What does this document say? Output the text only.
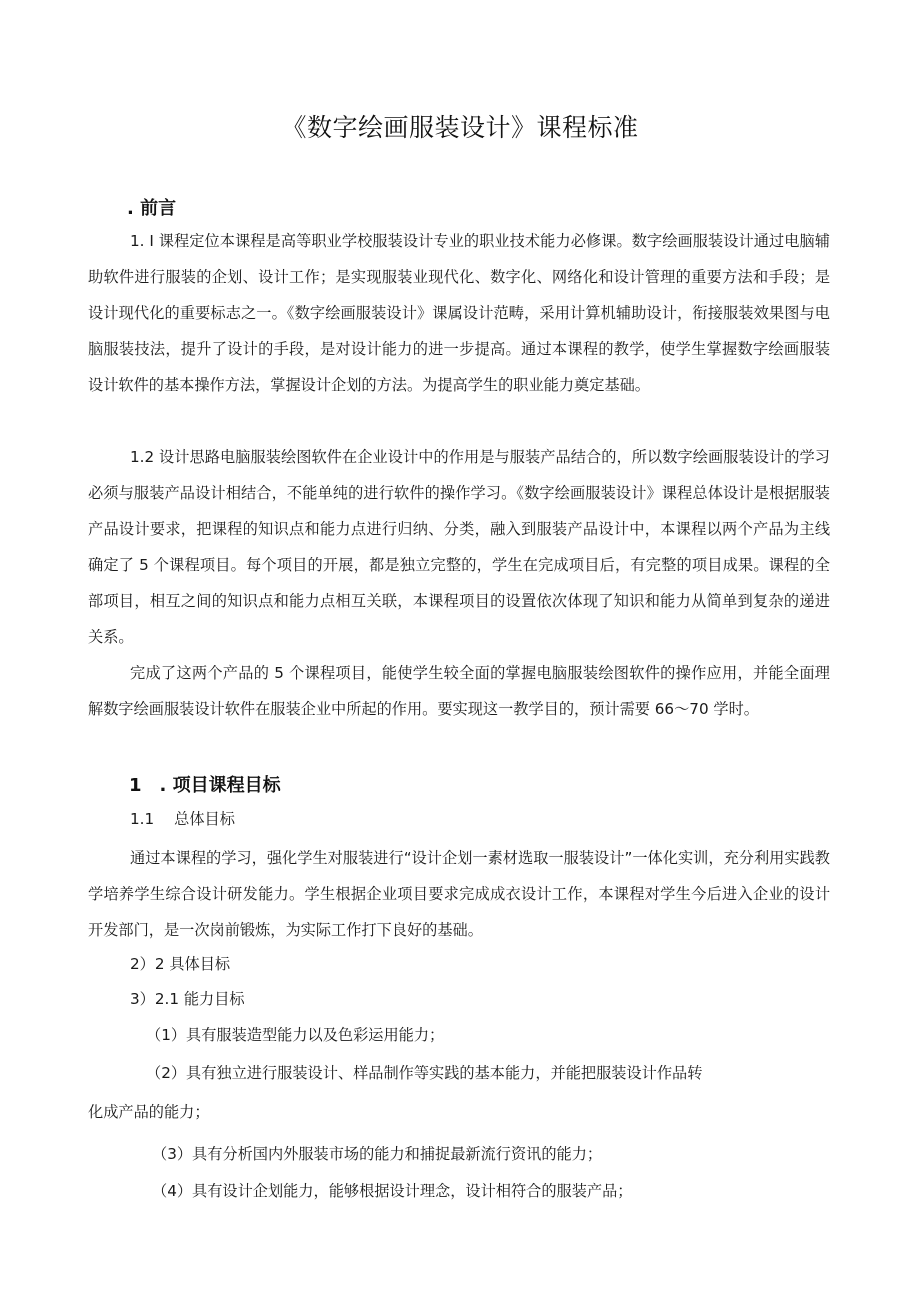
《数字绘画服装设计》课程标准
. 前言

1. I 课程定位本课程是高等职业学校服装设计专业的职业技术能力必修课。数字绘画服装设计通过电脑辅助软件进行服装的企划、设计工作；是实现服装业现代化、数字化、网络化和设计管理的重要方法和手段；是设计现代化的重要标志之一。《数字绘画服装设计》课属设计范畴，采用计算机辅助设计，衔接服装效果图与电脑服装技法，提升了设计的手段，是对设计能力的进一步提高。通过本课程的教学，使学生掌握数字绘画服装设计软件的基本操作方法，掌握设计企划的方法。为提高学生的职业能力奠定基础。

1.2 设计思路电脑服装绘图软件在企业设计中的作用是与服装产品结合的，所以数字绘画服装设计的学习必须与服装产品设计相结合，不能单纯的进行软件的操作学习。《数字绘画服装设计》课程总体设计是根据服装产品设计要求，把课程的知识点和能力点进行归纳、分类，融入到服装产品设计中，本课程以两个产品为主线确定了 5 个课程项目。每个项目的开展，都是独立完整的，学生在完成项目后，有完整的项目成果。课程的全部项目，相互之间的知识点和能力点相互关联，本课程项目的设置依次体现了知识和能力从简单到复杂的递进关系。

完成了这两个产品的 5 个课程项目，能使学生较全面的掌握电脑服装绘图软件的操作应用，并能全面理解数字绘画服装设计软件在服装企业中所起的作用。要实现这一教学目的，预计需要 66～70 学时。

1　. 项目课程目标

1.1　 总体目标

通过本课程的学习，强化学生对服装进行“设计企划一素材选取一服装设计”一体化实训，充分利用实践教学培养学生综合设计研发能力。学生根据企业项目要求完成成衣设计工作，本课程对学生今后进入企业的设计开发部门，是一次岗前锻炼，为实际工作打下良好的基础。

2）2 具体目标

3）2.1 能力目标

（1）具有服装造型能力以及色彩运用能力；

（2）具有独立进行服装设计、样品制作等实践的基本能力，并能把服装设计作品转

化成产品的能力；

（3）具有分析国内外服装市场的能力和捕捉最新流行资讯的能力；

（4）具有设计企划能力，能够根据设计理念，设计相符合的服装产品；
